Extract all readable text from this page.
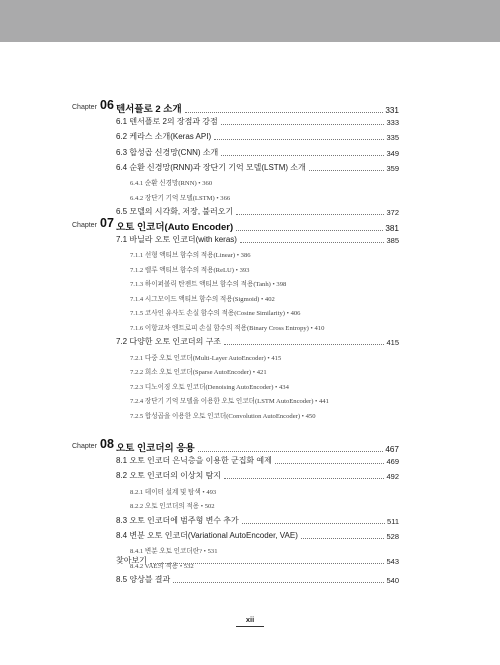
xii
Chapter 06 텐서플로 2 소개	331
6.1 텐서플로 2의 장점과 강점	333
6.2 케라스 소개(Keras API)	335
6.3 합성곱 신경망(CNN) 소개	349
6.4 순환 신경망(RNN)과 장단기 기억 모델(LSTM) 소개	359
6.4.1 순환 신경망(RNN) • 360
6.4.2 장단기 기억 모델(LSTM) • 366
6.5 모델의 시각화, 저장, 불러오기	372
Chapter 07 오토 인코더(Auto Encoder)	381
7.1 바닐라 오토 인코더(with keras)	385
7.1.1 선형 액티브 함수의 적용(Linear) • 386
7.1.2 렐루 액티브 함수의 적용(ReLU) • 393
7.1.3 하이퍼볼릭 탄젠트 액티브 함수의 적용(Tanh) • 398
7.1.4 시그모이드 액티브 함수의 적용(Sigmoid) • 402
7.1.5 코사인 유사도 손실 함수의 적용(Cosine Similarity) • 406
7.1.6 이항교차 엔트로피 손실 함수의 적용(Binary Cross Entropy) • 410
7.2 다양한 오토 인코더의 구조	415
7.2.1 다중 오토 인코더(Multi-Layer AutoEncoder) • 415
7.2.2 희소 오토 인코더(Sparse AutoEncoder) • 421
7.2.3 디노이징 오토 인코더(Denoising AutoEncoder) • 434
7.2.4 장단기 기억 모델을 이용한 오토 인코더(LSTM AutoEncoder) • 441
7.2.5 합성곱을 이용한 오토 인코더(Convolution AutoEncoder) • 450
Chapter 08 오토 인코더의 응용	467
8.1 오토 인코더 은닉층을 이용한 군집화 예제	469
8.2 오토 인코더의 이상치 탐지	492
8.2.1 데이터 설계 및 탐색 • 493
8.2.2 오토 인코더의 적용 • 502
8.3 오토 인코더에 범주형 변수 추가	511
8.4 변분 오토 인코더(Variational AutoEncoder, VAE)	528
8.4.1 변분 오토 인코더란? • 531
8.4.2 VAE의 적용 • 532
8.5 양상블 결과	540
찾아보기	543
